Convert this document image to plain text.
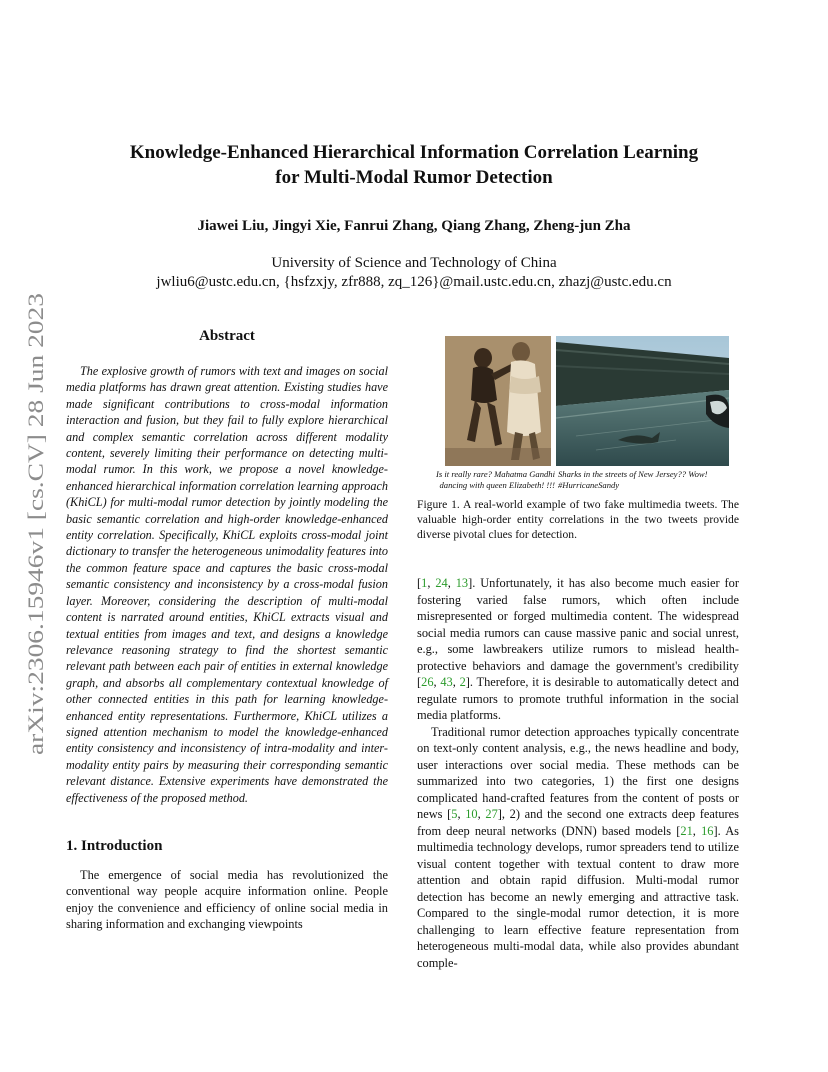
arXiv:2306.15946v1 [cs.CV] 28 Jun 2023
Knowledge-Enhanced Hierarchical Information Correlation Learning
for Multi-Modal Rumor Detection
Jiawei Liu, Jingyi Xie, Fanrui Zhang, Qiang Zhang, Zheng-jun Zha
University of Science and Technology of China
jwliu6@ustc.edu.cn, {hsfzxjy, zfr888, zq_126}@mail.ustc.edu.cn, zhazj@ustc.edu.cn
Abstract

The explosive growth of rumors with text and images on social media platforms has drawn great attention. Existing studies have made significant contributions to cross-modal information interaction and fusion, but they fail to fully explore hierarchical and complex semantic correlation across different modality content, severely limiting their performance on detecting multi-modal rumor. In this work, we propose a novel knowledge-enhanced hierarchical information correlation learning approach (KhiCL) for multi-modal rumor detection by jointly modeling the basic semantic correlation and high-order knowledge-enhanced entity correlation. Specifically, KhiCL exploits cross-modal joint dictionary to transfer the heterogeneous unimodality features into the common feature space and captures the basic cross-modal semantic consistency and inconsistency by a cross-modal fusion layer. Moreover, considering the description of multi-modal content is narrated around entities, KhiCL extracts visual and textual entities from images and text, and designs a knowledge relevance reasoning strategy to find the shortest semantic relevant path between each pair of entities in external knowledge graph, and absorbs all complementary contextual knowledge of other connected entities in this path for learning knowledge-enhanced entity representations. Furthermore, KhiCL utilizes a signed attention mechanism to model the knowledge-enhanced entity consistency and inconsistency of intra-modality and inter-modality entity pairs by measuring their corresponding semantic relevant distance. Extensive experiments have demonstrated the effectiveness of the proposed method.

1. Introduction

The emergence of social media has revolutionized the conventional way people acquire information online. People enjoy the convenience and efficiency of online social media in sharing information and exchanging viewpoints

Is it really rare? Mahatma Gandhi dancing with queen Elizabeth! !!!
Sharks in the streets of New Jersey?? Wow! #HurricaneSandy
Figure 1. A real-world example of two fake multimedia tweets. The valuable high-order entity correlations in the two tweets provide diverse pivotal clues for detection.

[1, 24, 13]. Unfortunately, it has also become much easier for fostering varied false rumors, which often include misrepresented or forged multimedia content. The widespread social media rumors can cause massive panic and social unrest, e.g., some lawbreakers utilize rumors to mislead health-protective behaviors and damage the government's credibility [26, 43, 2]. Therefore, it is desirable to automatically detect and regulate rumors to promote truthful information in the social media platforms.

Traditional rumor detection approaches typically concentrate on text-only content analysis, e.g., the news headline and body, user interactions over social media. These methods can be summarized into two categories, 1) the first one designs complicated hand-crafted features from the content of posts or news [5, 10, 27], 2) and the second one extracts deep features from deep neural networks (DNN) based models [21, 16]. As multimedia technology develops, rumor spreaders tend to utilize visual content together with textual content to draw more attention and obtain rapid diffusion. Multi-modal rumor detection has become an newly emerging and attractive task. Compared to the single-modal rumor detection, it is more challenging to learn effective feature representation from heterogeneous multi-modal data, while also provides abundant comple-
